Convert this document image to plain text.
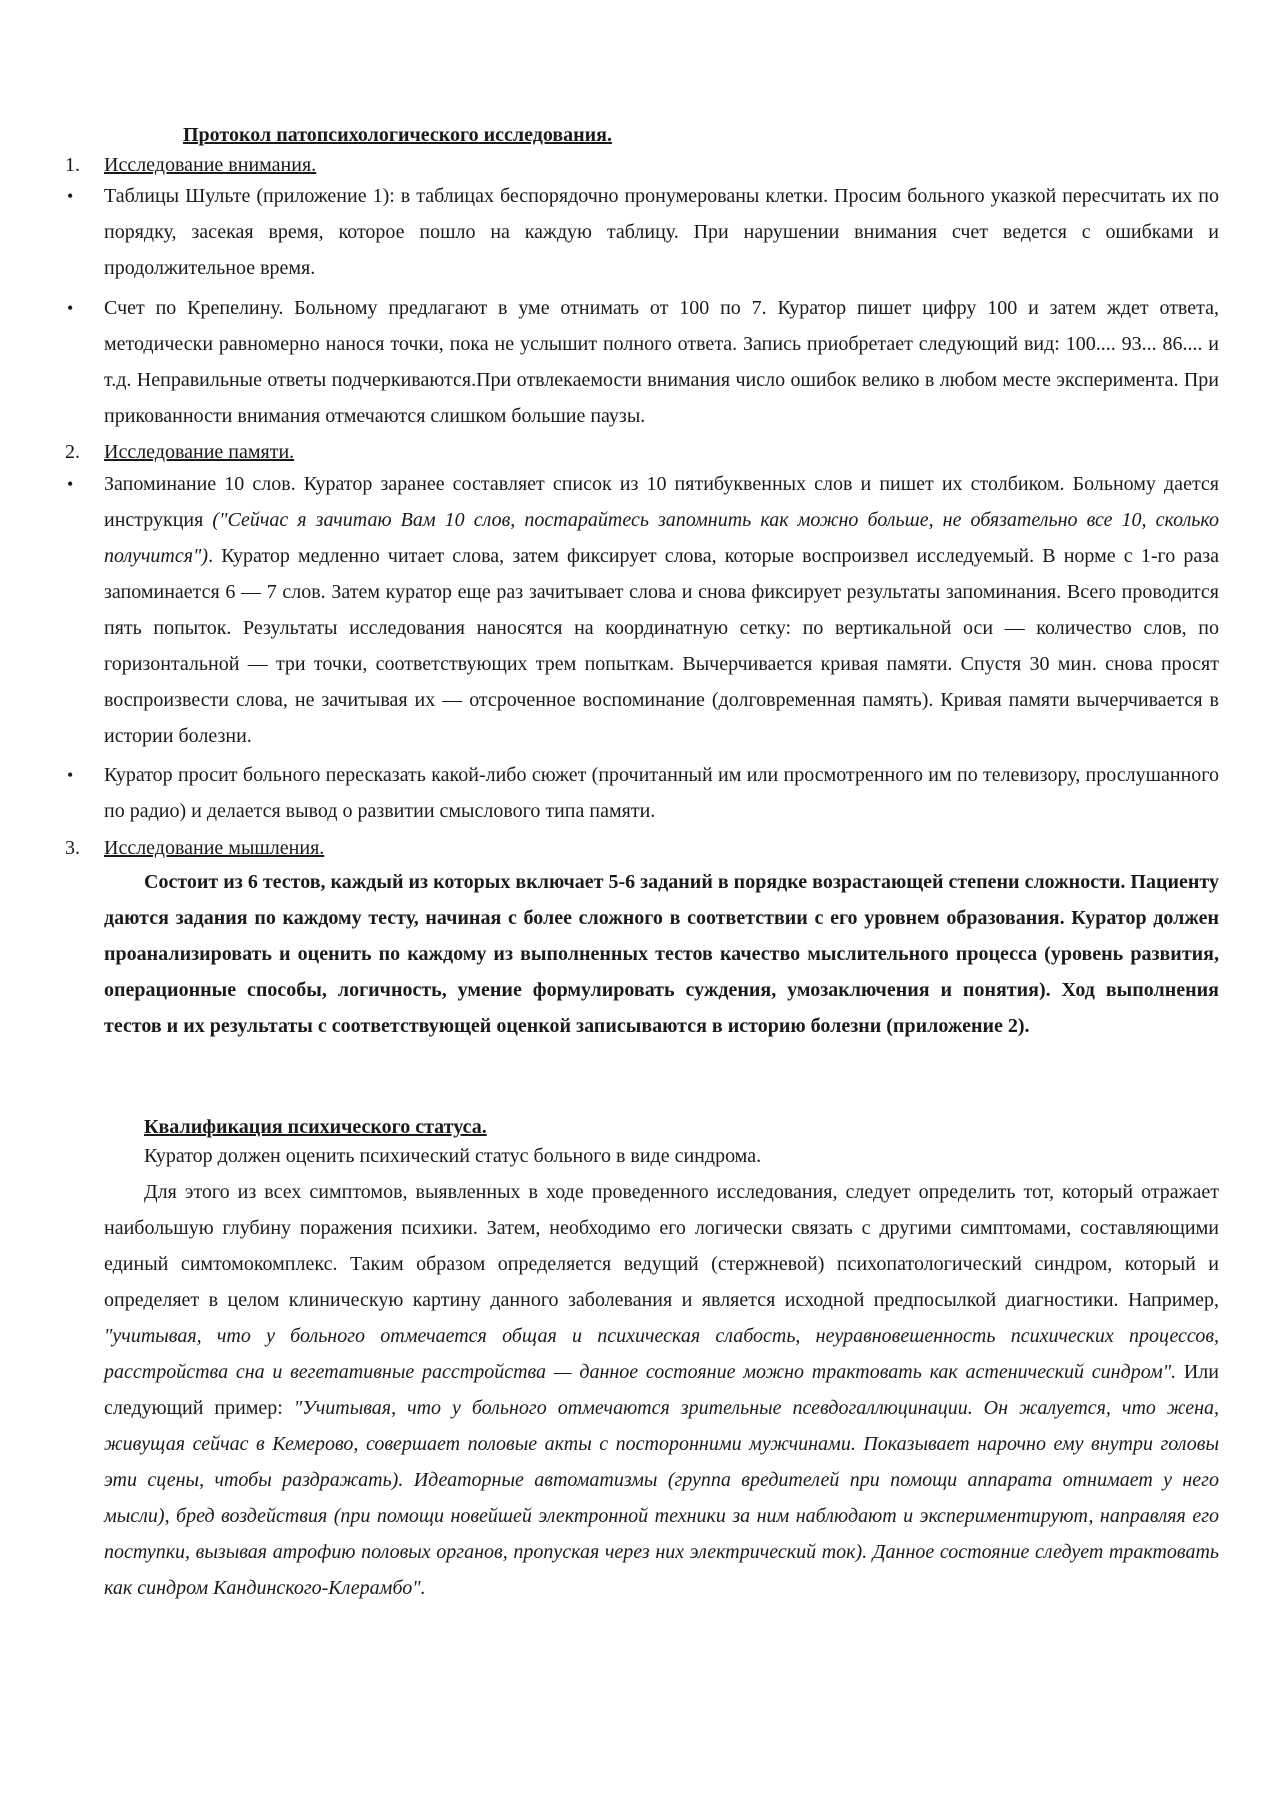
Протокол патопсихологического исследования.
1. Исследование внимания.
• Таблицы Шульте (приложение 1): в таблицах беспорядочно пронумерованы клетки. Просим больного указкой пересчитать их по порядку, засекая время, которое пошло на каждую таблицу. При нарушении внимания счет ведется с ошибками и продолжительное время.

• Счет по Крепелину. Больному предлагают в уме отнимать от 100 по 7. Куратор пишет цифру 100 и затем ждет ответа, методически равномерно нанося точки, пока не услышит полного ответа. Запись приобретает следующий вид: 100.... 93... 86.... и т.д. Неправильные ответы подчеркиваются.При отвлекаемости внимания число ошибок велико в любом месте эксперимента. При прикованности внимания отмечаются слишком большие паузы.

2. Исследование памяти.
• Запоминание 10 слов. Куратор заранее составляет список из 10 пятибуквенных слов и пишет их столбиком. Больному дается инструкция ("Сейчас я зачитаю Вам 10 слов, постарайтесь запомнить как можно больше, не обязательно все 10, сколько получится"). Куратор медленно читает слова, затем фиксирует слова, которые воспроизвел исследуемый. В норме с 1-го раза запоминается 6 — 7 слов. Затем куратор еще раз зачитывает слова и снова фиксирует результаты запоминания. Всего проводится пять попыток. Результаты исследования наносятся на координатную сетку: по вертикальной оси — количество слов, по горизонтальной — три точки, соответствующих трем попыткам. Вычерчивается кривая памяти. Спустя 30 мин. снова просят воспроизвести слова, не зачитывая их — отсроченное воспоминание (долговременная память). Кривая памяти вычерчивается в истории болезни.

• Куратор просит больного пересказать какой-либо сюжет (прочитанный им или просмотренного им по телевизору, прослушанного по радио) и делается вывод о развитии смыслового типа памяти.

3. Исследование мышления.

Состоит из 6 тестов, каждый из которых включает 5-6 заданий в порядке возрастающей степени сложности. Пациенту даются задания по каждому тесту, начиная с более сложного в соответствии с его уровнем образования. Куратор должен проанализировать и оценить по каждому из выполненных тестов качество мыслительного процесса (уровень развития, операционные способы, логичность, умение формулировать суждения, умозаключения и понятия). Ход выполнения тестов и их результаты с соответствующей оценкой записываются в историю болезни (приложение 2).

Квалификация психического статуса.

Куратор должен оценить психический статус больного в виде синдрома.

Для этого из всех симптомов, выявленных в ходе проведенного исследования, следует определить тот, который отражает наибольшую глубину поражения психики. Затем, необходимо его логически связать с другими симптомами, составляющими единый симтомокомплекс. Таким образом определяется ведущий (стержневой) психопатологический синдром, который и определяет в целом клиническую картину данного заболевания и является исходной предпосылкой диагностики. Например, "учитывая, что у больного отмечается общая и психическая слабость, неуравновешенность психических процессов, расстройства сна и вегетативные расстройства — данное состояние можно трактовать как астенический синдром". Или следующий пример: "Учитывая, что у больного отмечаются зрительные псевдогаллюцинации. Он жалуется, что жена, живущая сейчас в Кемерово, совершает половые акты с посторонними мужчинами. Показывает нарочно ему внутри головы эти сцены, чтобы раздражать). Идеаторные автоматизмы (группа вредителей при помощи аппарата отнимает у него мысли), бред воздействия (при помощи новейшей электронной техники за ним наблюдают и экспериментируют, направляя его поступки, вызывая атрофию половых органов, пропуская через них электрический ток). Данное состояние следует трактовать как синдром Кандинского-Клерамбо".
